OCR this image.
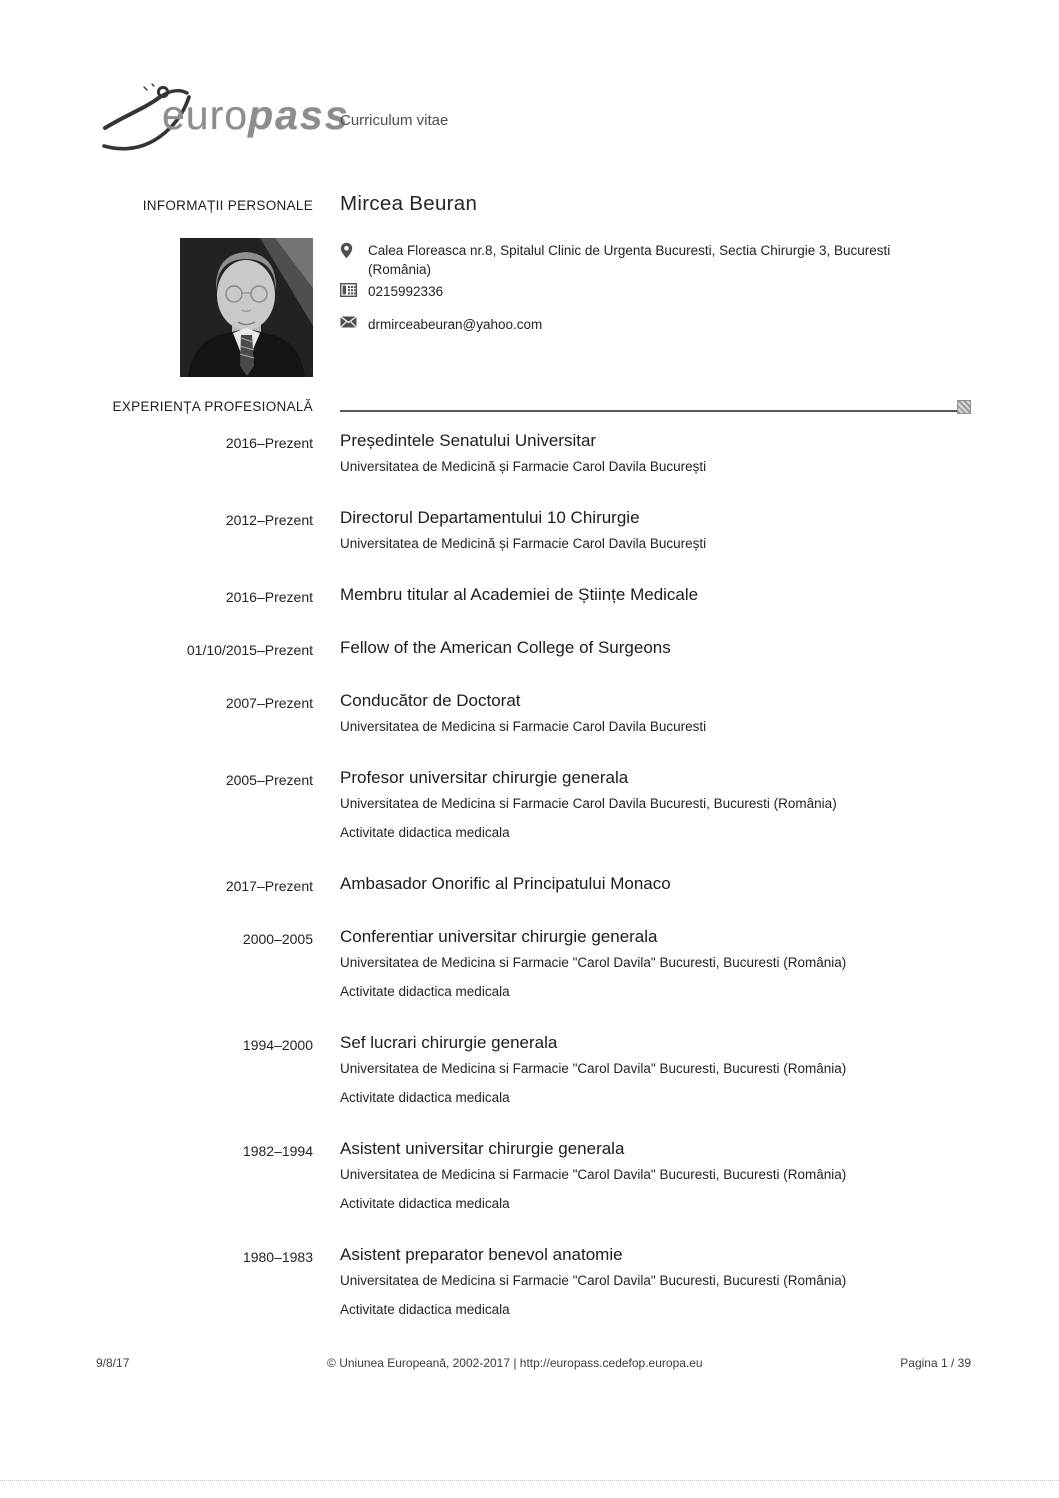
europass
Curriculum vitae
INFORMAȚII PERSONALE Mircea Beuran
Calea Floreasca nr.8, Spitalul Clinic de Urgenta Bucuresti, Sectia Chirurgie 3, Bucuresti
(România)
0215992336
drmirceabeuran@yahoo.com
EXPERIENȚA PROFESIONALĂ
2016–Prezent Președintele Senatului Universitar
Universitatea de Medicină și Farmacie Carol Davila București
2012–Prezent Directorul Departamentului 10 Chirurgie
Universitatea de Medicină și Farmacie Carol Davila București
2016–Prezent Membru titular al Academiei de Științe Medicale
01/10/2015–Prezent Fellow of the American College of Surgeons
2007–Prezent Conducător de Doctorat
Universitatea de Medicina si Farmacie Carol Davila Bucuresti
2005–Prezent Profesor universitar chirurgie generala
Universitatea de Medicina si Farmacie Carol Davila Bucuresti, Bucuresti (România)
Activitate didactica medicala
2017–Prezent Ambasador Onorific al Principatului Monaco
2000–2005 Conferentiar universitar chirurgie generala
Universitatea de Medicina si Farmacie "Carol Davila" Bucuresti, Bucuresti (România)
Activitate didactica medicala
1994–2000 Sef lucrari chirurgie generala
Universitatea de Medicina si Farmacie "Carol Davila" Bucuresti, Bucuresti (România)
Activitate didactica medicala
1982–1994 Asistent universitar chirurgie generala
Universitatea de Medicina si Farmacie "Carol Davila" Bucuresti, Bucuresti (România)
Activitate didactica medicala
1980–1983 Asistent preparator benevol anatomie
Universitatea de Medicina si Farmacie "Carol Davila" Bucuresti, Bucuresti (România)
Activitate didactica medicala
9/8/17	© Uniunea Europeană, 2002-2017 | http://europass.cedefop.europa.eu	Pagina 1 / 39
